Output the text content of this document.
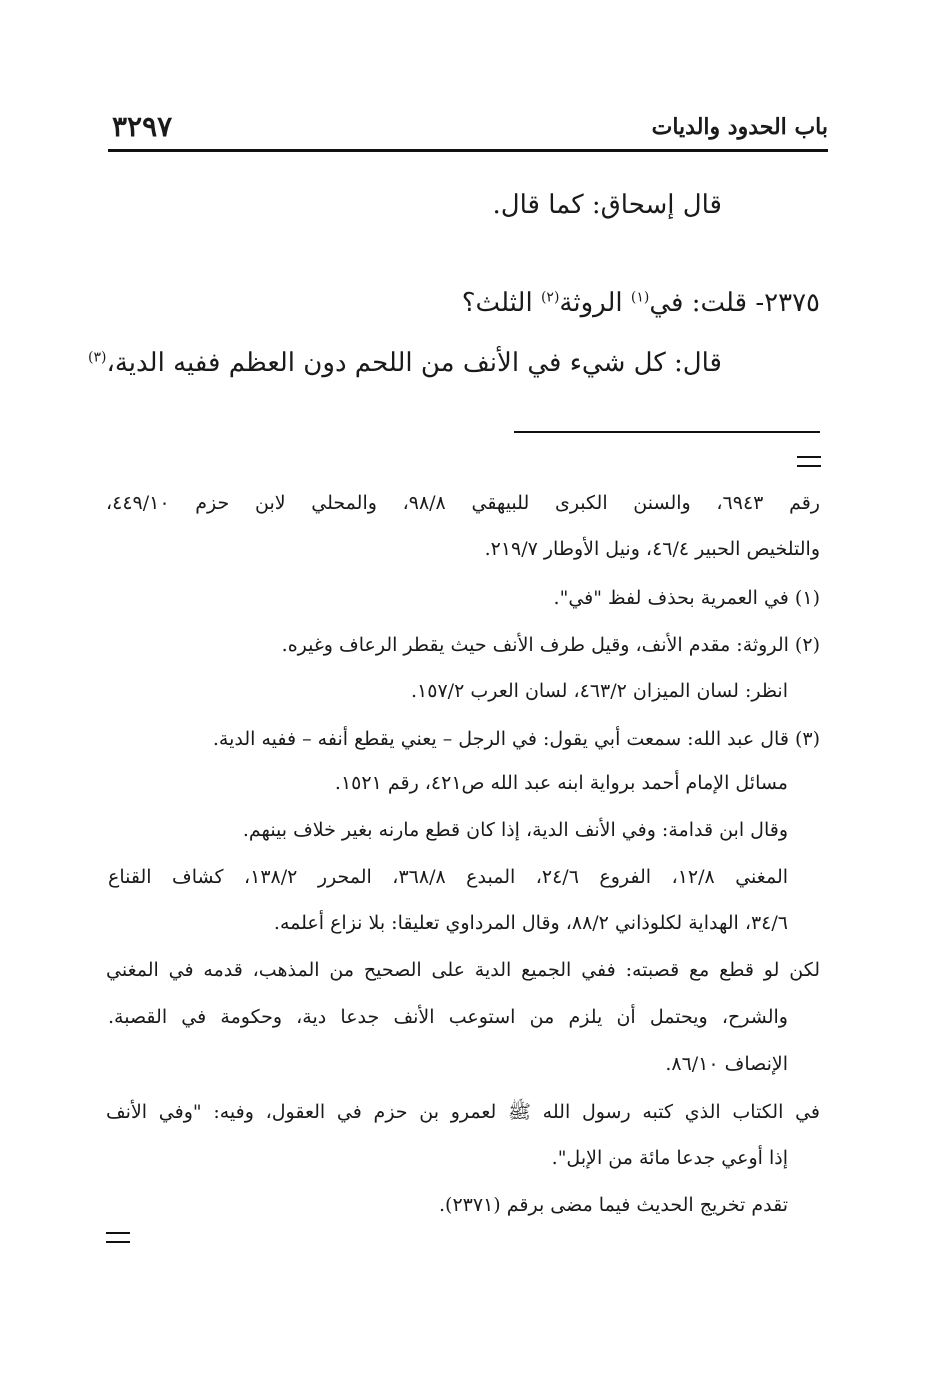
٣٢٩٧	باب الحدود والديات
قال إسحاق: كما قال.
٢٣٧٥- قلت: في$^{(١)}$ الروثة$^{(٢)}$ الثلث؟
قال: كل شيء في الأنف من اللحم دون العظم ففيه الدية،$^{(٣)}$
رقم ٦٩٤٣، والسنن الكبرى للبيهقي ٩٨/٨، والمحلي لابن حزم ٤٤٩/١٠،
والتلخيص الحبير ٤٦/٤، ونيل الأوطار ٢١٩/٧.
(١) في العمرية بحذف لفظ "في".
(٢) الروثة: مقدم الأنف، وقيل طرف الأنف حيث يقطر الرعاف وغيره.
انظر: لسان الميزان ٤٦٣/٢، لسان العرب ١٥٧/٢.
(٣) قال عبد الله: سمعت أبي يقول: في الرجل – يعني يقطع أنفه – ففيه الدية.
مسائل الإمام أحمد برواية ابنه عبد الله ص٤٢١، رقم ١٥٢١.
وقال ابن قدامة: وفي الأنف الدية، إذا كان قطع مارنه بغير خلاف بينهم.
المغني ١٢/٨، الفروع ٢٤/٦، المبدع ٣٦٨/٨، المحرر ١٣٨/٢، كشاف القناع
٣٤/٦، الهداية لكلوذاني ٨٨/٢، وقال المرداوي تعليقا: بلا نزاع أعلمه.
لكن لو قطع مع قصبته: ففي الجميع الدية على الصحيح من المذهب، قدمه في المغني
والشرح، ويحتمل أن يلزم من استوعب الأنف جدعا دية، وحكومة في القصبة.
الإنصاف ٨٦/١٠.
في الكتاب الذي كتبه رسول الله ﷺ لعمرو بن حزم في العقول، وفيه: "وفي الأنف
إذا أوعي جدعا مائة من الإبل".
تقدم تخريج الحديث فيما مضى برقم (٢٣٧١).
